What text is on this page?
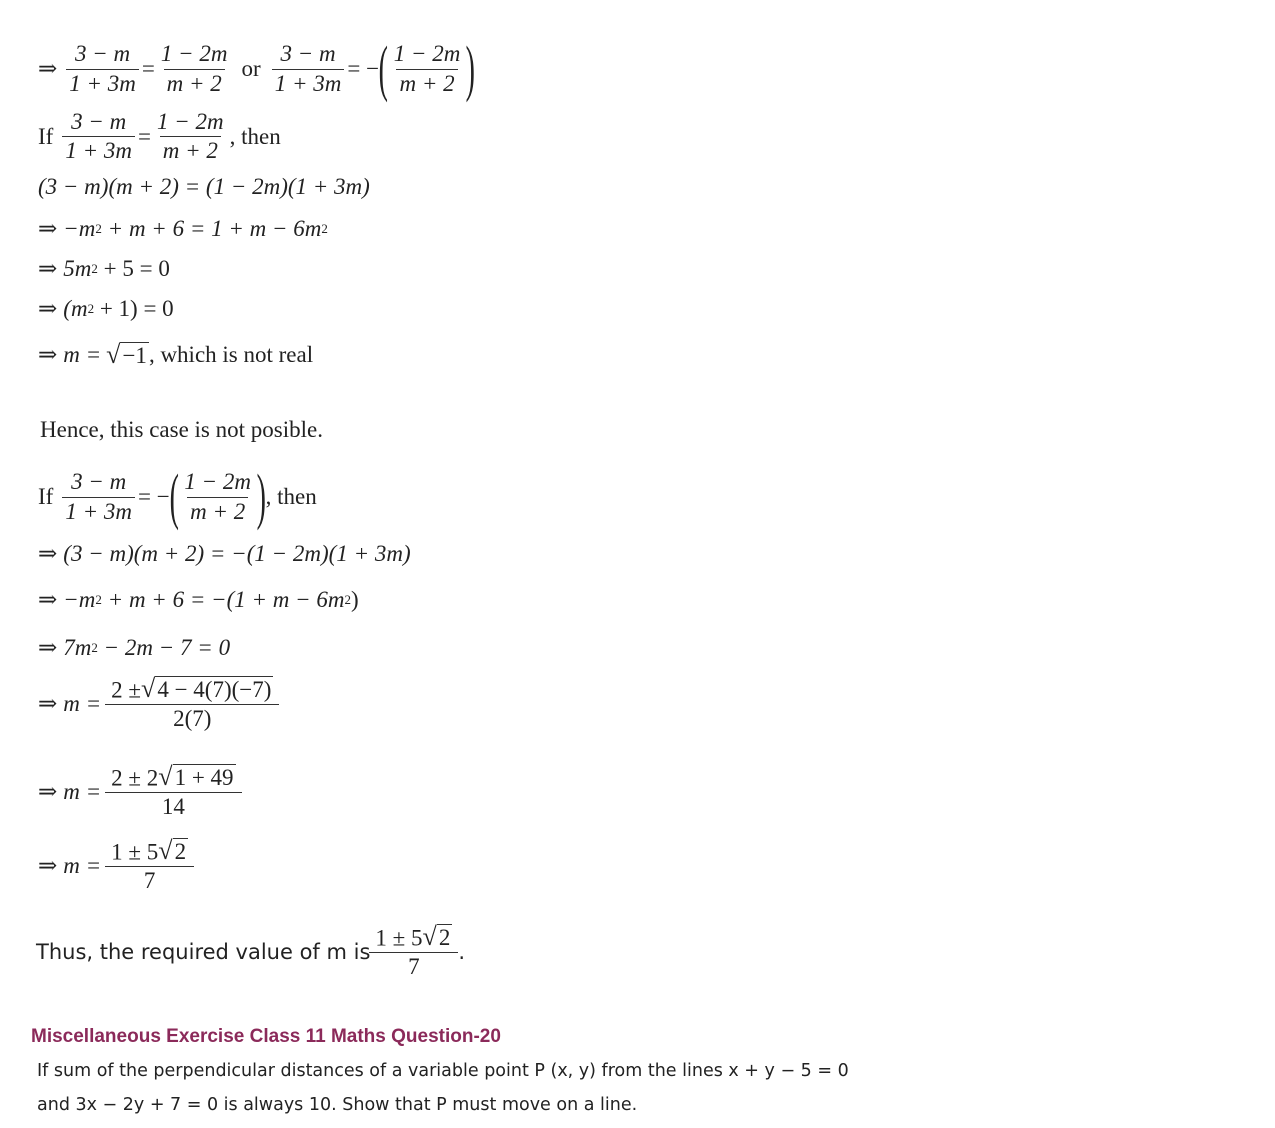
⇒ $\frac{3 - m}{1 + 3m} = \frac{1 - 2m}{m + 2}$ or $\frac{3 - m}{1 + 3m}$ = − ( $\frac{1 - 2m}{m + 2}$ )
If $\frac{3 - m}{1 + 3m} = \frac{1 - 2m}{m + 2}$ , then
(3 − m)(m + 2) = (1 − 2m)(1 + 3m)
⇒ −m 2 + m + 6 = 1 + m − 6m 2
⇒ 5m 2 + 5 = 0
⇒ (m 2 + 1) = 0
⇒ m = √ −1 , which is not real
Hence, this case is not posible.
If $\frac{3 - m}{1 + 3m}$ = − ( $\frac{1 - 2m}{m + 2}$ ) , then
⇒ (3 − m)(m + 2) = −(1 − 2m)(1 + 3m)
⇒ −m 2 + m + 6 = −(1 + m − 6m 2 )
⇒ 7m 2 − 2m − 7 = 0
⇒ $m = \frac{2 \pm √ 4 - 4(7)(-7)}{2(7)}$
⇒ $m = \frac{2 \pm 2 √ 1 + 49}{14}$
⇒ $m = \frac{1 \pm 5 √ 2}{7}$
Thus, the required value of m is $\frac{1 \pm 5 √ 2}{7}$ .
Miscellaneous Exercise Class 11 Maths Question-20
If sum of the perpendicular distances of a variable point P (x, y) from the lines x + y − 5 = 0
and 3x − 2y + 7 = 0 is always 10. Show that P must move on a line.
